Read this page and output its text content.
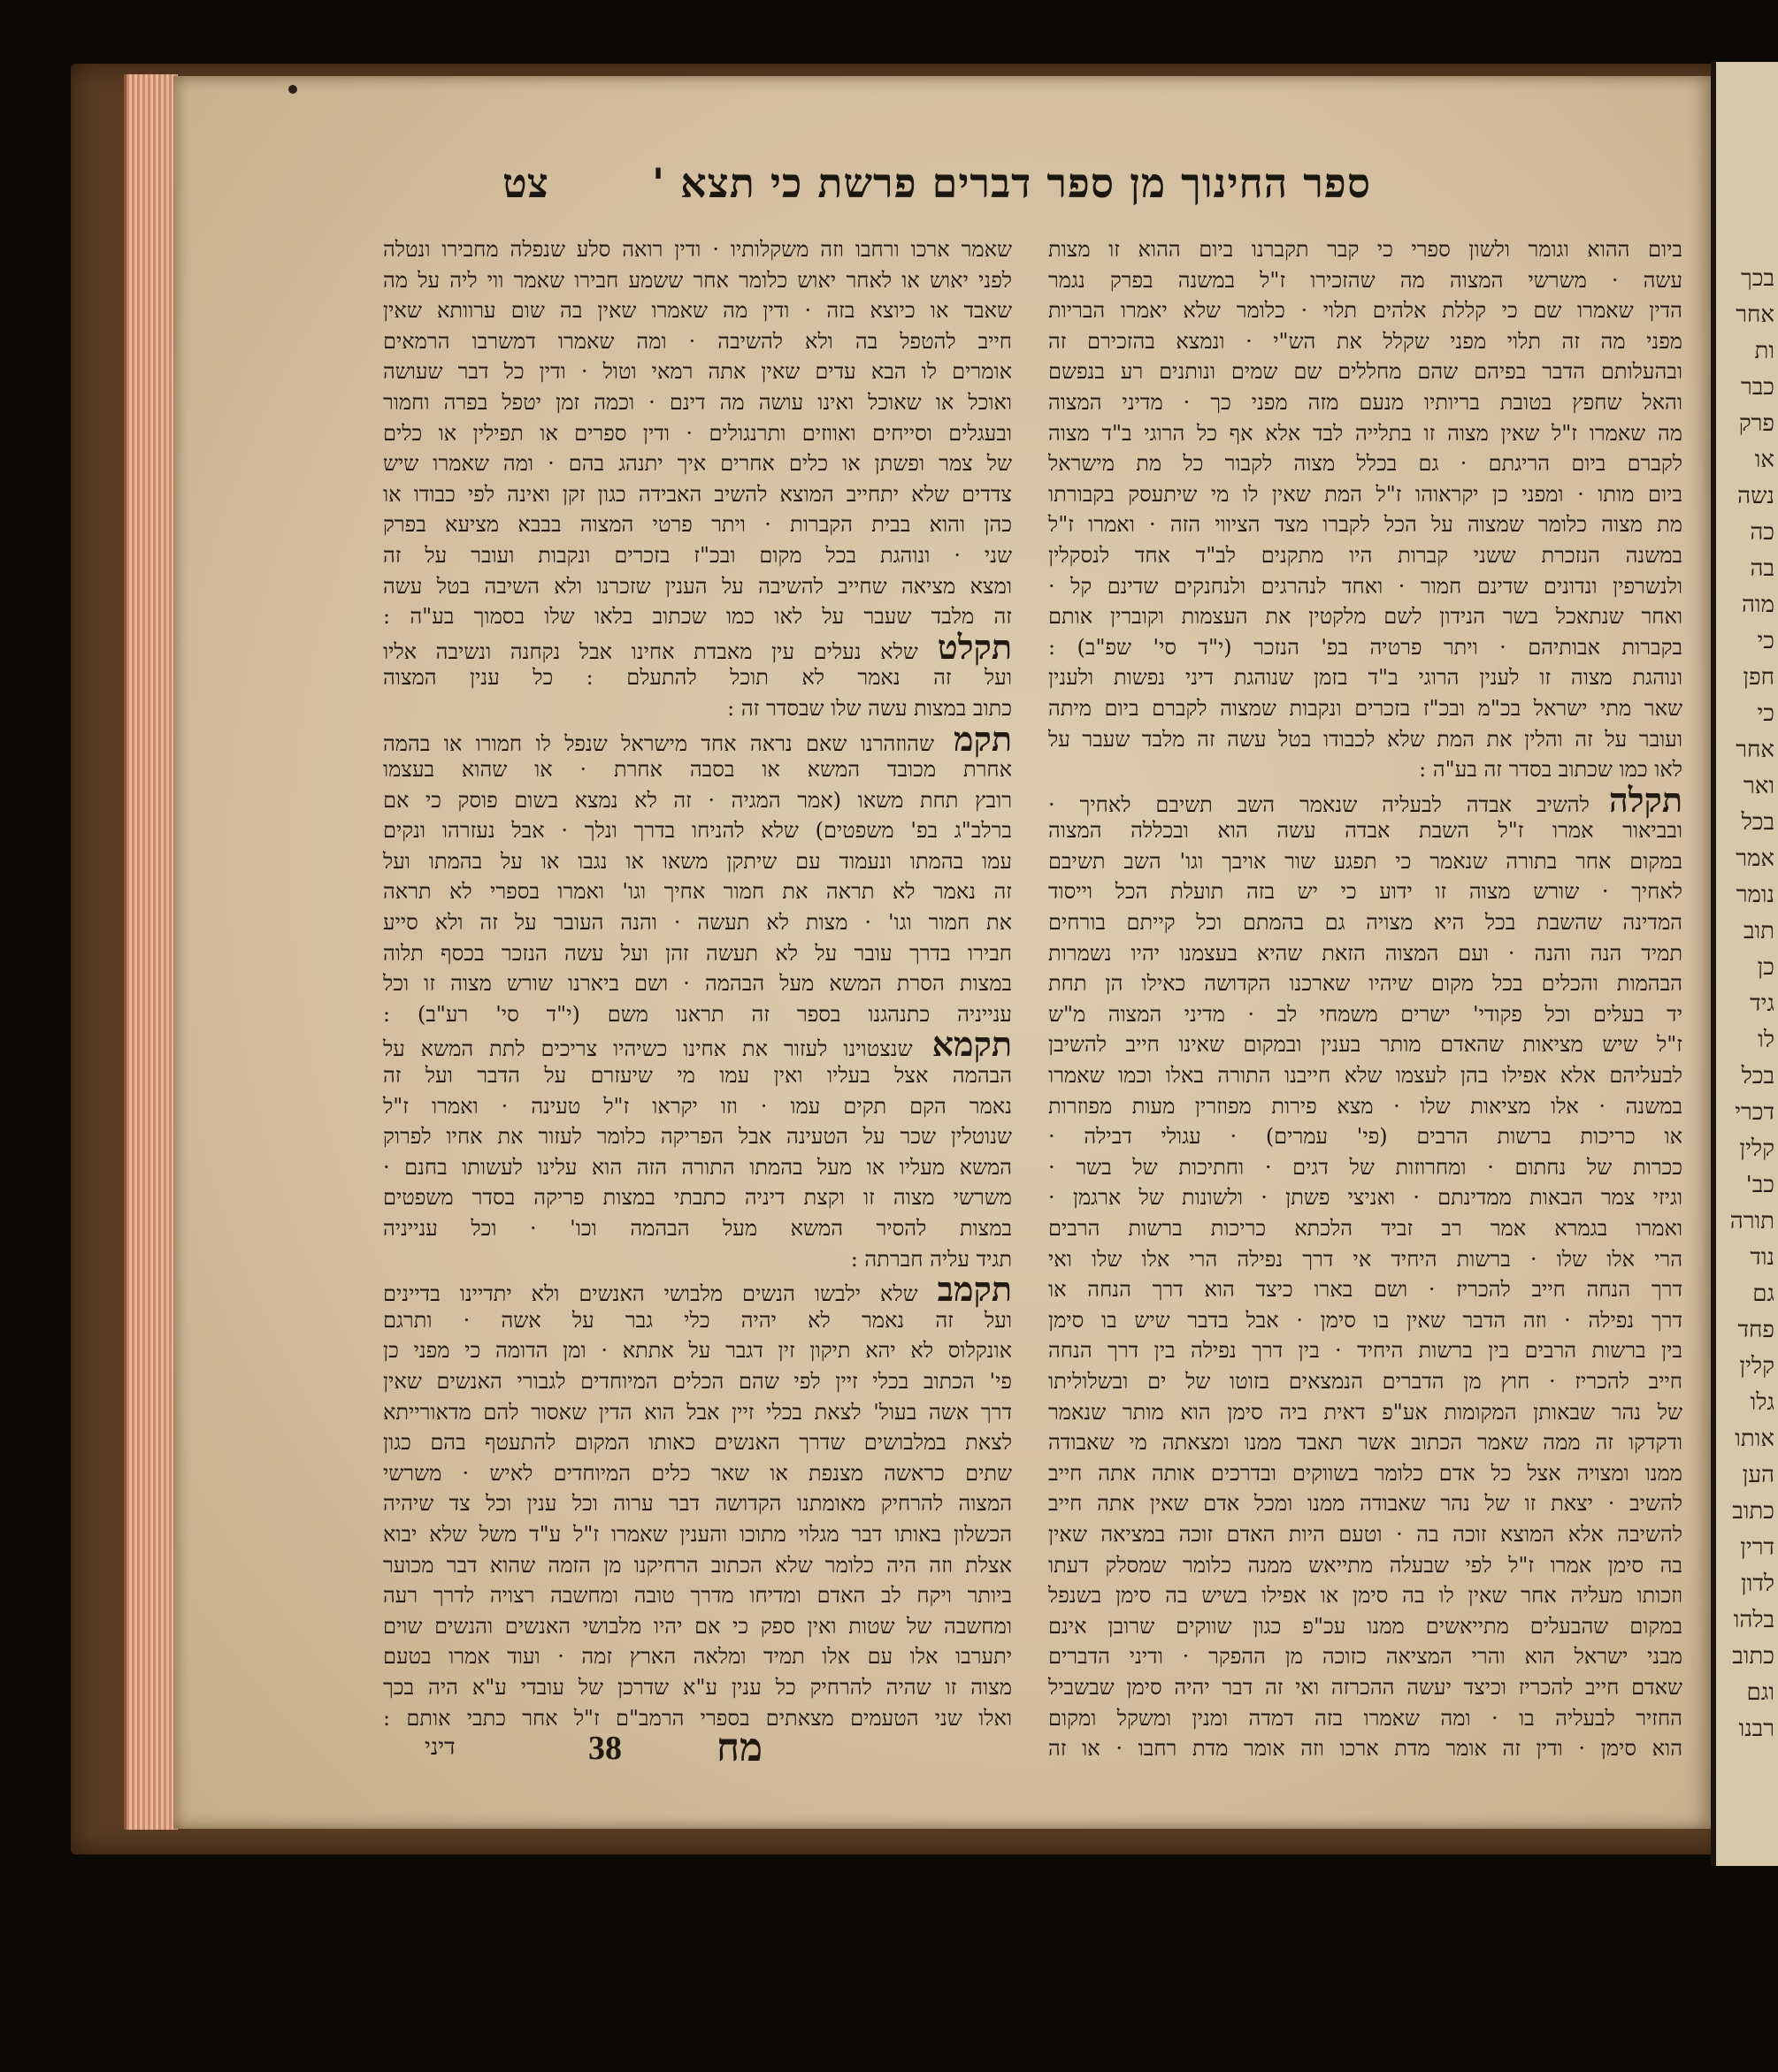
בכך
אחר
ות
כבר
פרק
או
נשה
כה
בה
מוה
כי
חפן
כי
אחר
ואר
בכל
אמר
נומר
תוב
כן
גיד
לו
בכל
דכרי
קלין
כב'
תורה
נוד
גם
פחד
קלין
גלו
אותו
הען
כתוב
דרין
לדון
בלהו
כתוב
וגם
רבנו
ספר החינוך מן ספר דברים פרשת כי תצא '
צט
ביום ההוא וגומר ולשון ספרי כי קבר תקברנו ביום ההוא זו מצות
עשה · משרשי המצוה מה שהזכירו ז"ל במשנה בפרק נגמר
הדין שאמרו שם כי קללת אלהים תלוי · כלומר שלא יאמרו הבריות
מפני מה זה תלוי מפני שקלל את הש"י · ונמצא בהזכירם זה
ובהעלותם הדבר בפיהם שהם מחללים שם שמים ונותנים רע בנפשם
והאל שחפץ בטובת בריותיו מנעם מזה מפני כך · מדיני המצוה
מה שאמרו ז"ל שאין מצוה זו בתלייה לבד אלא אף כל הרוגי ב"ד מצוה
לקברם ביום הריגתם · גם בכלל מצוה לקבור כל מת מישראל
ביום מותו · ומפני כן יקראוהו ז"ל המת שאין לו מי שיתעסק בקבורתו
מת מצוה כלומר שמצוה על הכל לקברו מצד הציווי הזה · ואמרו ז"ל
במשנה הנזכרת ששני קברות היו מתקנים לב"ד אחד לנסקלין
ולנשרפין ונדונים שדינם חמור · ואחד לנהרגים ולנחנקים שדינם קל ·
ואחר שנתאכל בשר הנידון לשם מלקטין את העצמות וקוברין אותם
בקברות אבותיהם · ויתר פרטיה בפ' הנזכר (י"ד סי' שפ"ב) :
ונוהגת מצוה זו לענין הרוגי ב"ד בזמן שנוהגת דיני נפשות ולענין
שאר מתי ישראל בכ"מ ובכ"ז בזכרים ונקבות שמצוה לקברם ביום מיתה
ועובר על זה והלין את המת שלא לכבודו בטל עשה זה מלבד שעבר על
לאו כמו שכתוב בסדר זה בע"ה :
תקלהלהשיב אבדה לבעליה שנאמר השב תשיבם לאחיך ·
ובביאור אמרו ז"ל השבת אבדה עשה הוא ובכללה המצוה
במקום אחר בתורה שנאמר כי תפגע שור אויבך וגו' השב תשיבם
לאחיך · שורש מצוה זו ידוע כי יש בזה תועלת הכל וייסוד
המדינה שהשבת בכל היא מצויה גם בהמתם וכל קייתם בורחים
תמיד הנה והנה · ועם המצוה הזאת שהיא בעצמנו יהיו נשמרות
הבהמות והכלים בכל מקום שיהיו שארכנו הקדושה כאילו הן תחת
יד בעלים וכל פקודי' ישרים משמחי לב · מדיני המצוה מ"ש
ז"ל שיש מציאות שהאדם מותר בענין ובמקום שאינו חייב להשיבן
לבעליהם אלא אפילו בהן לעצמו שלא חייבנו התורה באלו וכמו שאמרו
במשנה · אלו מציאות שלו · מצא פירות מפוזרין מעות מפוזרות
או כריכות ברשות הרבים (פי' עמרים) · עגולי דבילה ·
ככרות של נחתום · ומחרוזות של דגים · וחתיכות של בשר ·
וגיזי צמר הבאות ממדינתם · ואניצי פשתן · ולשונות של ארגמן ·
ואמרו בגמרא אמר רב זביד הלכתא כריכות ברשות הרבים
הרי אלו שלו · ברשות היחיד אי דרך נפילה הרי אלו שלו ואי
דרך הנחה חייב להכריז · ושם בארו כיצד הוא דרך הנחה או
דרך נפילה · וזה הדבר שאין בו סימן · אבל בדבר שיש בו סימן
בין ברשות הרבים בין ברשות היחיד · בין דרך נפילה בין דרך הנחה
חייב להכריז · חוץ מן הדברים הנמצאים בזוטו של ים ובשלוליתו
של נהר שבאותן המקומות אע"פ דאית ביה סימן הוא מותר שנאמר
ודקדקו זה ממה שאמר הכתוב אשר תאבד ממנו ומצאתה מי שאבודה
ממנו ומצויה אצל כל אדם כלומר בשווקים ובדרכים אותה אתה חייב
להשיב · יצאת זו של נהר שאבודה ממנו ומכל אדם שאין אתה חייב
להשיבה אלא המוצא זוכה בה · וטעם היות האדם זוכה במציאה שאין
בה סימן אמרו ז"ל לפי שבעלה מתייאש ממנה כלומר שמסלק דעתו
וזכותו מעליה אחר שאין לו בה סימן או אפילו בשיש בה סימן בשנפל
במקום שהבעלים מתייאשים ממנו עכ"פ כגון שווקים שרובן אינם
מבני ישראל הוא והרי המציאה כזוכה מן ההפקר · ודיני הדברים
שאדם חייב להכריז וכיצד יעשה ההכרזה ואי זה דבר יהיה סימן שבשביל
החזיר לבעליה בו · ומה שאמרו בזה דמדה ומנין ומשקל ומקום
הוא סימן · ודין זה אומר מדת ארכו וזה אומר מדת רחבו · או זה
שאמר ארכו ורחבו וזה משקלותיו · ודין רואה סלע שנפלה מחבירו ונטלה
לפני יאוש או לאחר יאוש כלומר אחר ששמע חבירו שאמר ווי ליה על מה
שאבד או כיוצא בזה · ודין מה שאמרו שאין בה שום ערוותא שאין
חייב להטפל בה ולא להשיבה · ומה שאמרו דמשרבו הרמאים
אומרים לו הבא עדים שאין אתה רמאי וטול · ודין כל דבר שעושה
ואוכל או שאוכל ואינו עושה מה דינם · וכמה זמן יטפל בפרה וחמור
ובעגלים וסייחים ואווזים ותרנגולים · ודין ספרים או תפילין או כלים
של צמר ופשתן או כלים אחרים איך יתנהג בהם · ומה שאמרו שיש
צדדים שלא יתחייב המוצא להשיב האבידה כגון זקן ואינה לפי כבודו או
כהן והוא בבית הקברות · ויתר פרטי המצוה בבבא מציעא בפרק
שני · ונוהגת בכל מקום ובכ"ז בזכרים ונקבות ועובר על זה
ומצא מציאה שחייב להשיבה על הענין שזכרנו ולא השיבה בטל עשה
זה מלבד שעבר על לאו כמו שכתוב בלאו שלו בסמוך בע"ה :
תקלטשלא נעלים עין מאבדת אחינו אבל נקחנה ונשיבה אליו
ועל זה נאמר לא תוכל להתעלם : כל ענין המצוה
כתוב במצות עשה שלו שבסדר זה :
תקמשהוזהרנו שאם נראה אחד מישראל שנפל לו חמורו או בהמה
אחרת מכובד המשא או בסבה אחרת · או שהוא בעצמו
רובץ תחת משאו (אמר המגיה · זה לא נמצא בשום פוסק כי אם
ברלב"ג בפ' משפטים) שלא להניחו בדרך ונלך · אבל נעזרהו ונקים
עמו בהמתו ונעמוד עם שיתקן משאו או נגבו או על בהמתו ועל
זה נאמר לא תראה את חמור אחיך וגו' ואמרו בספרי לא תראה
את חמור וגו' · מצות לא תעשה · והנה העובר על זה ולא סייע
חבירו בדרך עובר על לא תעשה זהן ועל עשה הנזכר בכסף תלוה
במצות הסרת המשא מעל הבהמה · ושם ביארנו שורש מצוה זו וכל
ענייניה כתנהגנו בספר זה תראנו משם (י"ד סי' רע"ב) :
תקמאשנצטוינו לעזור את אחינו כשיהיו צריכים לתת המשא על
הבהמה אצל בעליו ואין עמו מי שיעזרם על הדבר ועל זה
נאמר הקם תקים עמו · וזו יקראו ז"ל טעינה · ואמרו ז"ל
שנוטלין שכר על הטעינה אבל הפריקה כלומר לעזור את אחיו לפרוק
המשא מעליו או מעל בהמתו התורה הזה הוא עלינו לעשותו בחנם ·
משרשי מצוה זו וקצת דיניה כתבתי במצות פריקה בסדר משפטים
במצות להסיר המשא מעל הבהמה וכו' · וכל ענייניה
תגיד עליה חברתה :
תקמבשלא ילבשו הנשים מלבושי האנשים ולא יתדיינו בדיינים
ועל זה נאמר לא יהיה כלי גבר על אשה · ותרגם
אונקלוס לא יהא תיקון זין דגבר על אתתא · ומן הדומה כי מפני כן
פי' הכתוב בכלי זיין לפי שהם הכלים המיוחדים לגבורי האנשים שאין
דרך אשה בעול' לצאת בכלי זיין אבל הוא הדין שאסור להם מדאורייתא
לצאת במלבושים שדרך האנשים כאותו המקום להתעטף בהם כגון
שתים כראשה מצנפת או שאר כלים המיוחדים לאיש · משרשי
המצוה להרחיק מאומתנו הקדושה דבר ערוה וכל ענין וכל צד שיהיה
הכשלון באותו דבר מגלוי מתוכו והענין שאמרו ז"ל ע"ד משל שלא יבוא
אצלת וזה היה כלומר שלא הכתוב הרחיקנו מן הזמה שהוא דבר מכוער
ביותר ויקח לב האדם ומדיחו מדרך טובה ומחשבה רצויה לדרך רעה
ומחשבה של שטות ואין ספק כי אם יהיו מלבושי האנשים והנשים שוים
יתערבו אלו עם אלו תמיד ומלאה הארץ זמה · ועוד אמרו בטעם
מצוה זו שהיה להרחיק כל ענין ע"א שדרכן של עובדי ע"א היה בכך
ואלו שני הטעמים מצאתים בספרי הרמב"ם ז"ל אחר כתבי אותם :
דיני	38 מח
